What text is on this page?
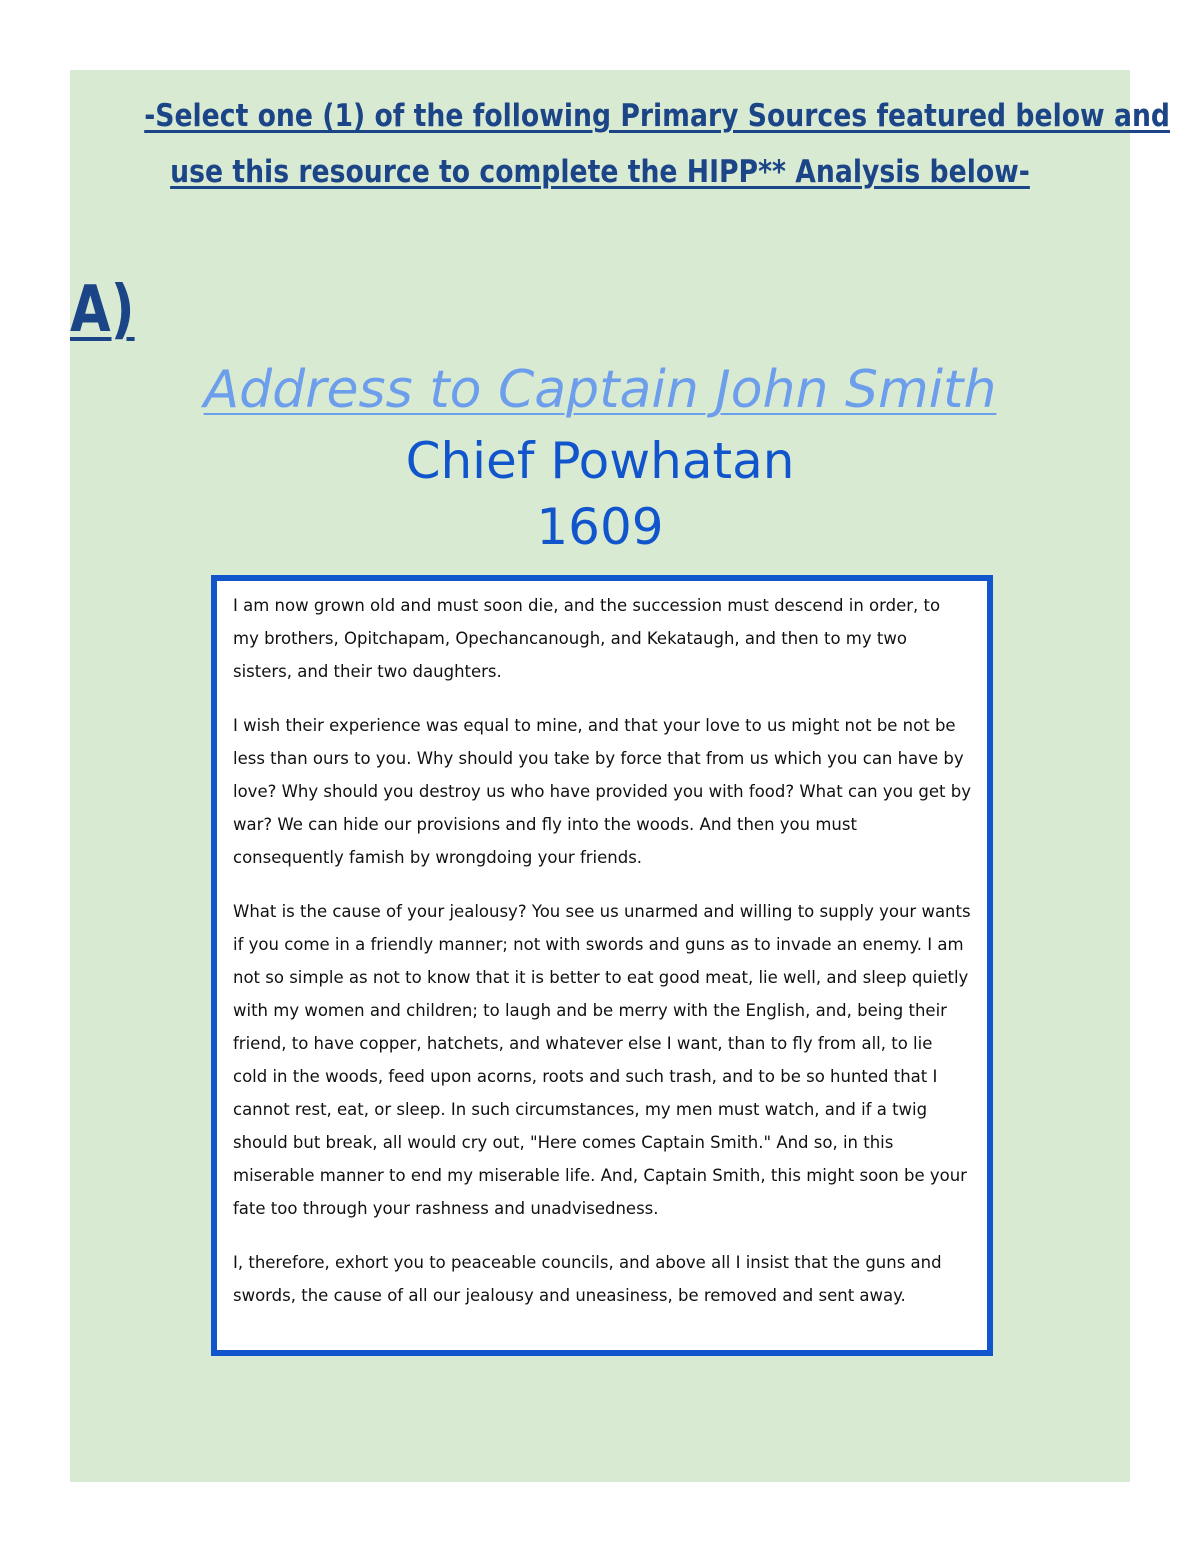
-Select one (1) of the following Primary Sources featured below and
use this resource to complete the HIPP** Analysis below-
A)
Address to Captain John Smith
Chief Powhatan
1609

I am now grown old and must soon die, and the succession must descend in order, to my brothers, Opitchapam, Opechancanough, and Kekataugh, and then to my two sisters, and their two daughters.

I wish their experience was equal to mine, and that your love to us might not be not be less than ours to you. Why should you take by force that from us which you can have by love? Why should you destroy us who have provided you with food? What can you get by war? We can hide our provisions and fly into the woods. And then you must consequently famish by wrongdoing your friends.

What is the cause of your jealousy? You see us unarmed and willing to supply your wants if you come in a friendly manner; not with swords and guns as to invade an enemy. I am not so simple as not to know that it is better to eat good meat, lie well, and sleep quietly with my women and children; to laugh and be merry with the English, and, being their friend, to have copper, hatchets, and whatever else I want, than to fly from all, to lie cold in the woods, feed upon acorns, roots and such trash, and to be so hunted that I cannot rest, eat, or sleep. In such circumstances, my men must watch, and if a twig should but break, all would cry out, "Here comes Captain Smith." And so, in this miserable manner to end my miserable life. And, Captain Smith, this might soon be your fate too through your rashness and unadvisedness.

I, therefore, exhort you to peaceable councils, and above all I insist that the guns and swords, the cause of all our jealousy and uneasiness, be removed and sent away.
